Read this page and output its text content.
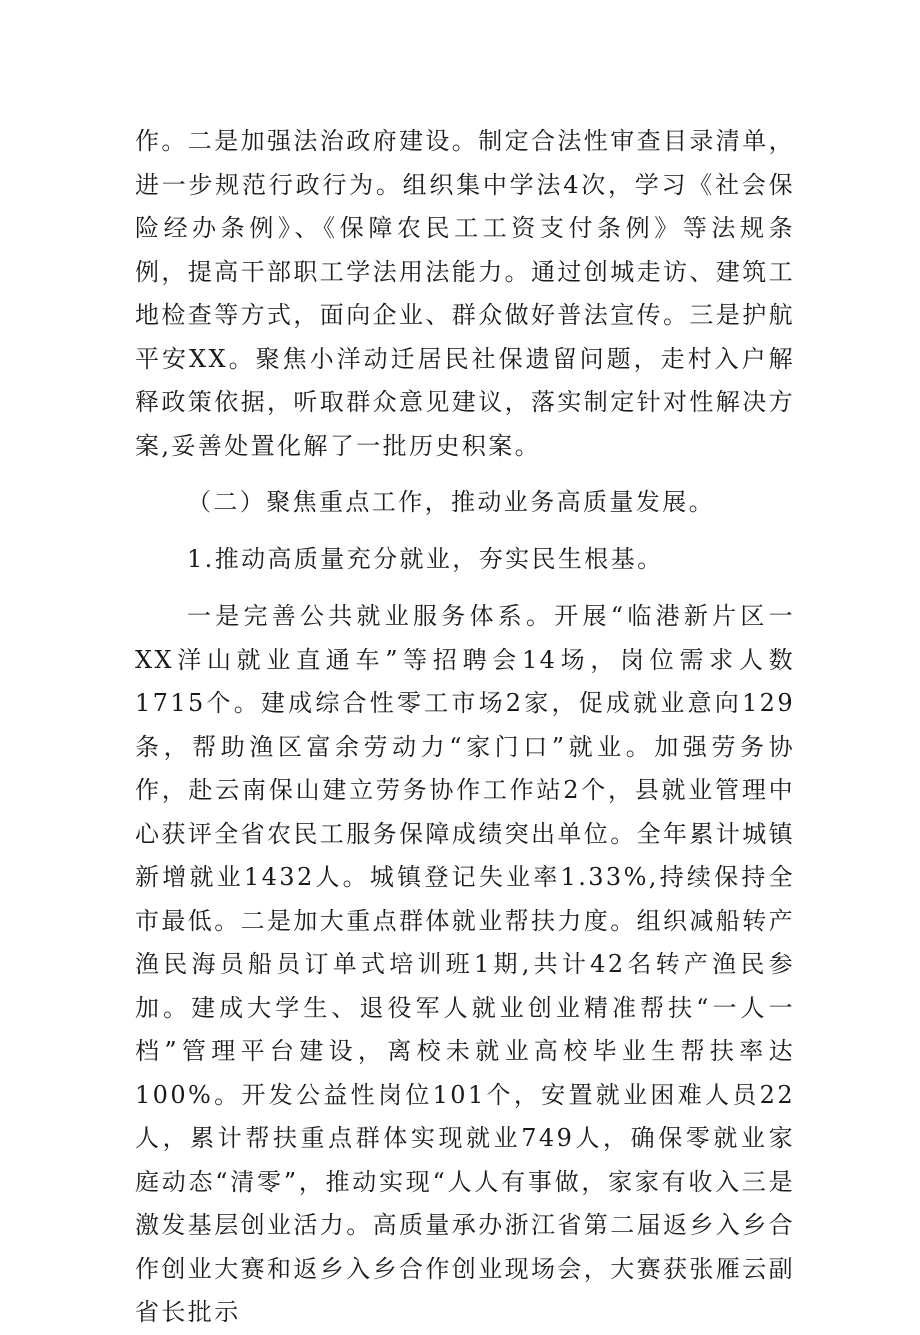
作。二是加强法治政府建设。制定合法性审查目录清单，进一步规范行政行为。组织集中学法4次，学习《社会保险经办条例》、《保障农民工工资支付条例》等法规条例，提高干部职工学法用法能力。通过创城走访、建筑工地检查等方式，面向企业、群众做好普法宣传。三是护航平安XX。聚焦小洋动迁居民社保遗留问题，走村入户解释政策依据，听取群众意见建议，落实制定针对性解决方案,妥善处置化解了一批历史积案。

（二）聚焦重点工作，推动业务高质量发展。

1.推动高质量充分就业，夯实民生根基。

一是完善公共就业服务体系。开展“临港新片区一XX洋山就业直通车”等招聘会14场，岗位需求人数1715个。建成综合性零工市场2家，促成就业意向129条，帮助渔区富余劳动力“家门口”就业。加强劳务协作，赴云南保山建立劳务协作工作站2个，县就业管理中心获评全省农民工服务保障成绩突出单位。全年累计城镇新增就业1432人。城镇登记失业率1.33%,持续保持全市最低。二是加大重点群体就业帮扶力度。组织减船转产渔民海员船员订单式培训班1期,共计42名转产渔民参加。建成大学生、退役军人就业创业精准帮扶“一人一档”管理平台建设，离校未就业高校毕业生帮扶率达100%。开发公益性岗位101个，安置就业困难人员22人，累计帮扶重点群体实现就业749人，确保零就业家庭动态“清零”，推动实现“人人有事做，家家有收入三是激发基层创业活力。高质量承办浙江省第二届返乡入乡合作创业大赛和返乡入乡合作创业现场会，大赛获张雁云副省长批示
